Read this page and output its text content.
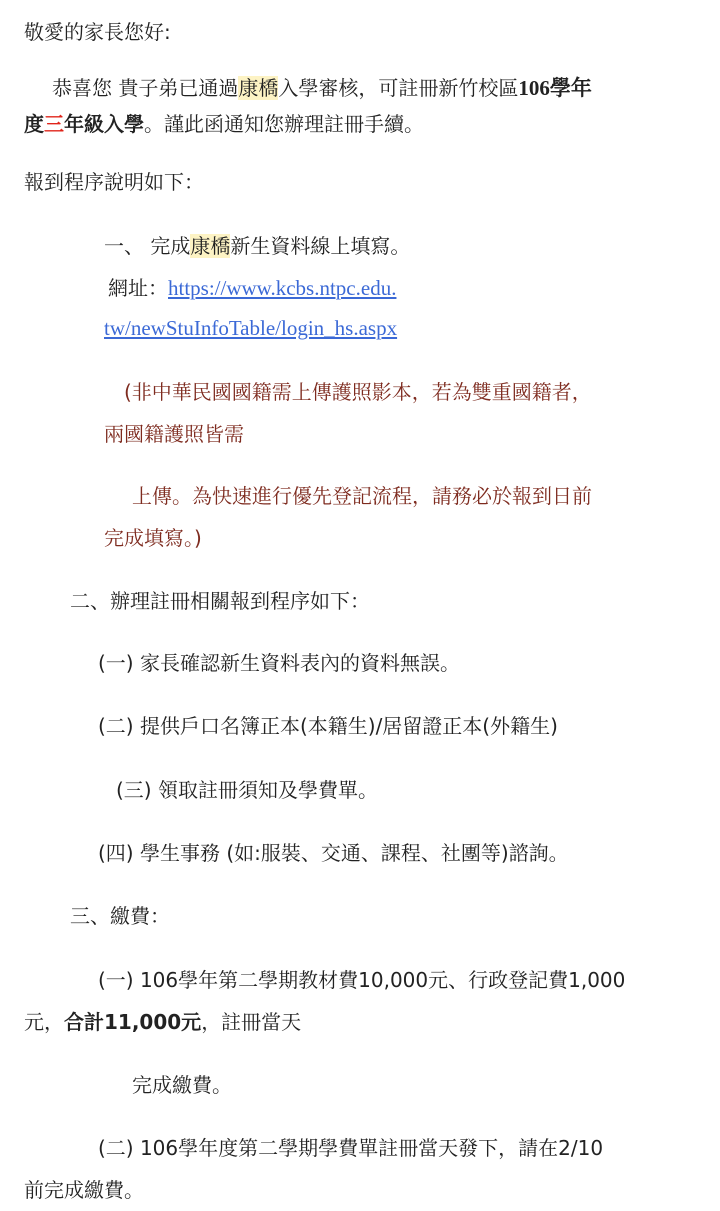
敬愛的家長您好:
恭喜您 貴子弟已通過康橋入學審核，可註冊新竹校區106學年
度三年級入學。謹此函通知您辦理註冊手續。
報到程序說明如下：
一、 完成康橋新生資料線上填寫。
網址：https://www.kcbs.ntpc.edu.
tw/newStuInfoTable/login_hs.aspx
(非中華民國國籍需上傳護照影本，若為雙重國籍者，
兩國籍護照皆需
上傳。為快速進行優先登記流程，請務必於報到日前
完成填寫。)
二、辦理註冊相關報到程序如下：
(一) 家長確認新生資料表內的資料無誤。
(二) 提供戶口名簿正本(本籍生)/居留證正本(外籍生)
(三) 領取註冊須知及學費單。
(四) 學生事務 (如:服裝、交通、課程、社團等)諮詢。
三、繳費：
(一) 106學年第二學期教材費10,000元、行政登記費1,000
元，合計11,000元，註冊當天
完成繳費。
(二) 106學年度第二學期學費單註冊當天發下，請在2/10
前完成繳費。
